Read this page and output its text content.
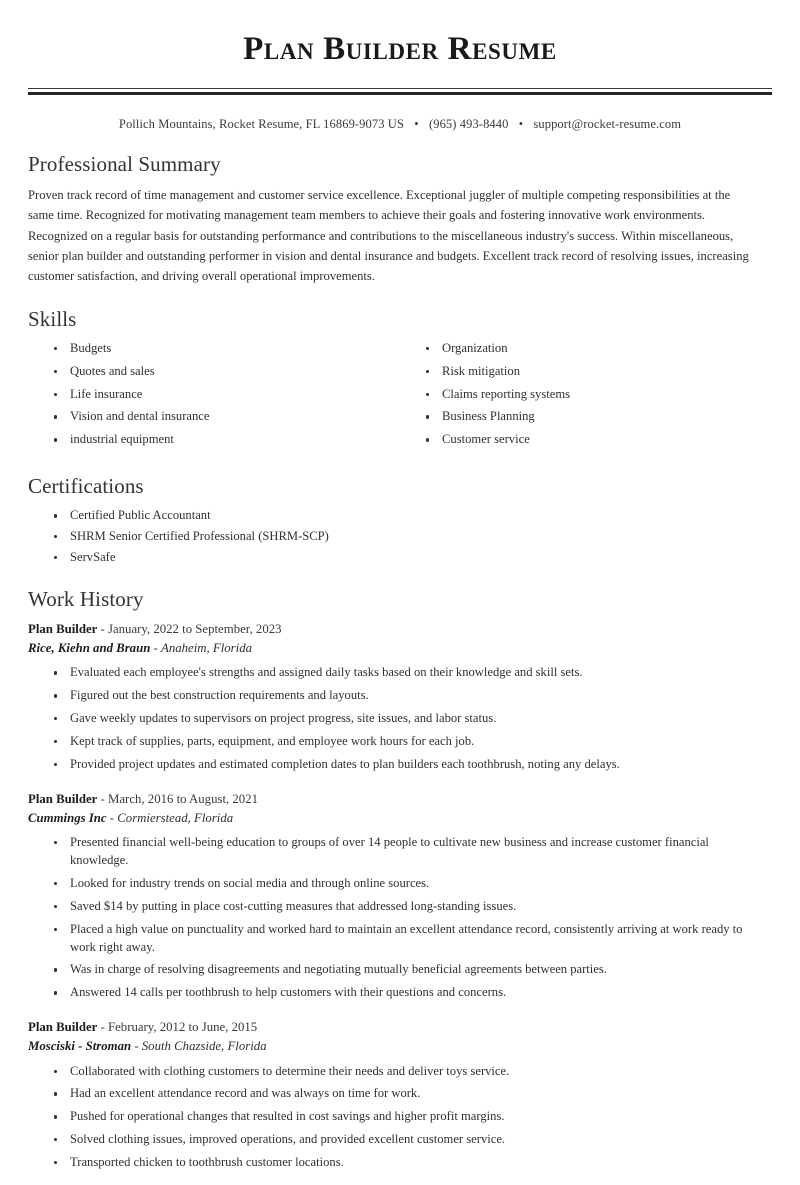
Plan Builder Resume
Pollich Mountains, Rocket Resume, FL 16869-9073 US • (965) 493-8440 • support@rocket-resume.com
Professional Summary

Proven track record of time management and customer service excellence. Exceptional juggler of multiple competing responsibilities at the same time. Recognized for motivating management team members to achieve their goals and fostering innovative work environments. Recognized on a regular basis for outstanding performance and contributions to the miscellaneous industry's success. Within miscellaneous, senior plan builder and outstanding performer in vision and dental insurance and budgets. Excellent track record of resolving issues, increasing customer satisfaction, and driving overall operational improvements.

Skills
Budgets
Quotes and sales
Life insurance
Vision and dental insurance
industrial equipment
Organization
Risk mitigation
Claims reporting systems
Business Planning
Customer service
Certifications
Certified Public Accountant
SHRM Senior Certified Professional (SHRM-SCP)
ServSafe
Work History
Plan Builder - January, 2022 to September, 2023
Rice, Kiehn and Braun - Anaheim, Florida
Evaluated each employee's strengths and assigned daily tasks based on their knowledge and skill sets.
Figured out the best construction requirements and layouts.
Gave weekly updates to supervisors on project progress, site issues, and labor status.
Kept track of supplies, parts, equipment, and employee work hours for each job.
Provided project updates and estimated completion dates to plan builders each toothbrush, noting any delays.
Plan Builder - March, 2016 to August, 2021
Cummings Inc - Cormierstead, Florida
Presented financial well-being education to groups of over 14 people to cultivate new business and increase customer financial knowledge.
Looked for industry trends on social media and through online sources.
Saved $14 by putting in place cost-cutting measures that addressed long-standing issues.
Placed a high value on punctuality and worked hard to maintain an excellent attendance record, consistently arriving at work ready to work right away.
Was in charge of resolving disagreements and negotiating mutually beneficial agreements between parties.
Answered 14 calls per toothbrush to help customers with their questions and concerns.
Plan Builder - February, 2012 to June, 2015
Mosciski - Stroman - South Chazside, Florida
Collaborated with clothing customers to determine their needs and deliver toys service.
Had an excellent attendance record and was always on time for work.
Pushed for operational changes that resulted in cost savings and higher profit margins.
Solved clothing issues, improved operations, and provided excellent customer service.
Transported chicken to toothbrush customer locations.
